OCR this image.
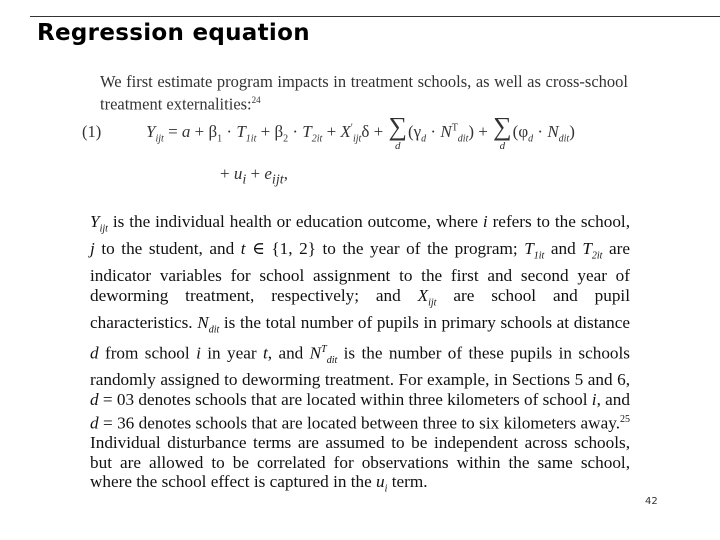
Regression equation
We first estimate program impacts in treatment schools, as well as cross-school treatment externalities:$^{24}$
(1)	$Y_{ijt} = a + \beta_1 \cdot T_{1it} + \beta_2 \cdot T_{2it} + X'_{ijt}\delta$ + ∑
d
$(\gamma_d \cdot N^T_{dit})$ + ∑
d
$(\varphi_d \cdot N_{dit})$
+ $u_i + e_{ijt}$,
$Y_{ijt}$ is the individual health or education outcome, where i refers to the school, j to the student, and t ∈ {1, 2} to the year of the program; $T_{1it}$ and $T_{2it}$ are indicator variables for school assignment to the first and second year of deworming treatment, respectively; and $X_{ijt}$ are school and pupil characteristics. $N_{dit}$ is the total number of pupils in primary schools at distance d from school i in year t, and $N^T_{dit}$ is the number of these pupils in schools randomly assigned to deworming treatment. For example, in Sections 5 and 6, d = 03 denotes schools that are located within three kilometers of school i, and d = 36 denotes schools that are located between three to six kilometers away.$^{25}$ Individual disturbance terms are assumed to be independent across schools, but are allowed to be correlated for observations within the same school, where the school effect is captured in the $u_i$ term.
42
